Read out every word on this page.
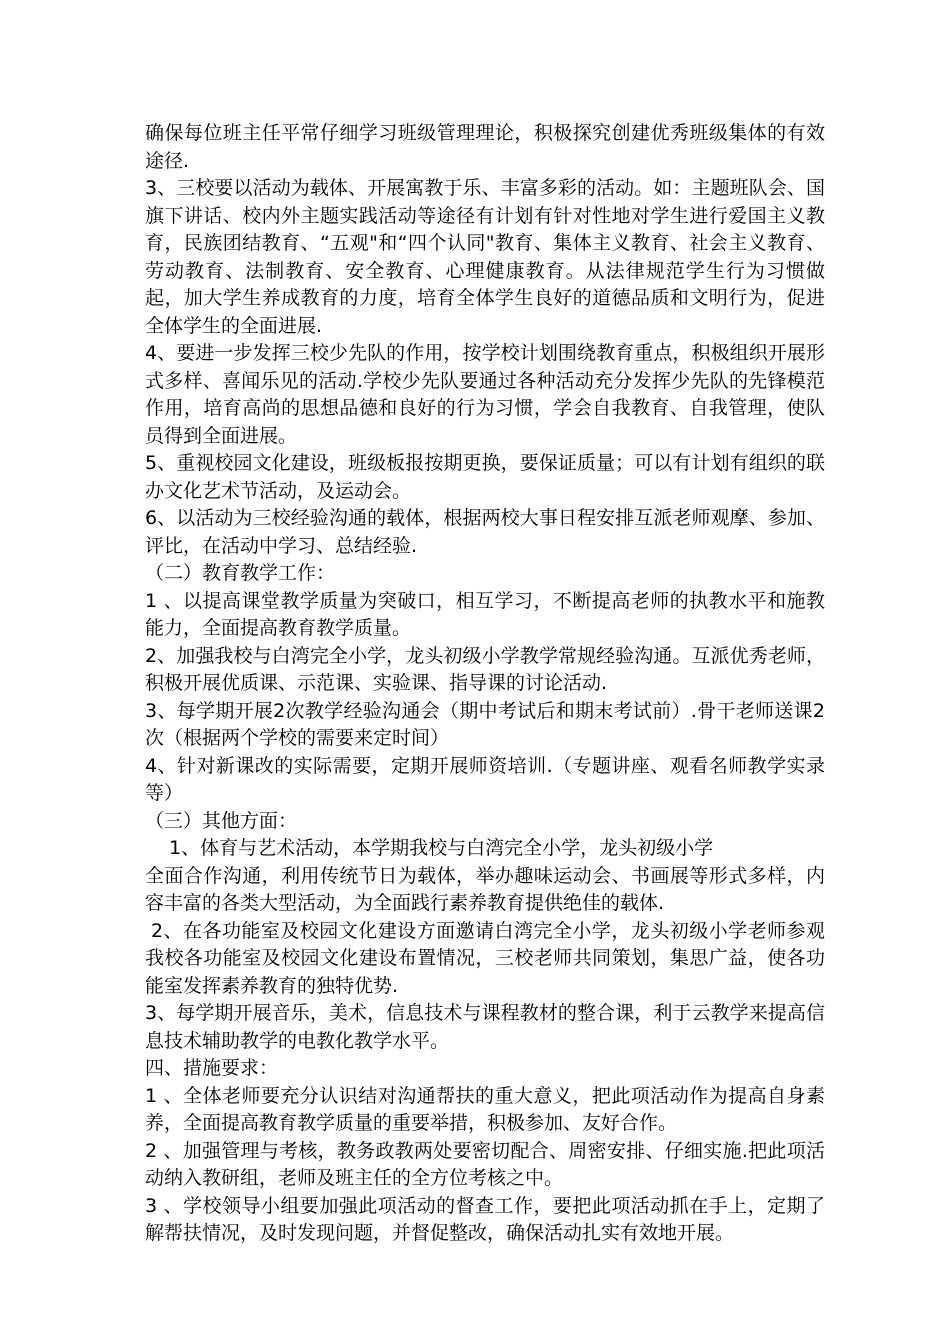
确保每位班主任平常仔细学习班级管理理论，积极探究创建优秀班级集体的有效途径.

3、三校要以活动为载体、开展寓教于乐、丰富多彩的活动。如：主题班队会、国旗下讲话、校内外主题实践活动等途径有计划有针对性地对学生进行爱国主义教育，民族团结教育、“五观"和“四个认同"教育、集体主义教育、社会主义教育、劳动教育、法制教育、安全教育、心理健康教育。从法律规范学生行为习惯做起，加大学生养成教育的力度，培育全体学生良好的道德品质和文明行为，促进全体学生的全面进展.

4、要进一步发挥三校少先队的作用，按学校计划围绕教育重点，积极组织开展形式多样、喜闻乐见的活动.学校少先队要通过各种活动充分发挥少先队的先锋模范作用，培育高尚的思想品德和良好的行为习惯，学会自我教育、自我管理，使队员得到全面进展。

5、重视校园文化建设，班级板报按期更换，要保证质量；可以有计划有组织的联办文化艺术节活动，及运动会。

6、以活动为三校经验沟通的载体，根据两校大事日程安排互派老师观摩、参加、评比，在活动中学习、总结经验.

（二）教育教学工作：

1 、以提高课堂教学质量为突破口，相互学习，不断提高老师的执教水平和施教能力，全面提高教育教学质量。

2、加强我校与白湾完全小学，龙头初级小学教学常规经验沟通。互派优秀老师，积极开展优质课、示范课、实验课、指导课的讨论活动.

3、每学期开展2次教学经验沟通会（期中考试后和期末考试前）.骨干老师送课2次（根据两个学校的需要来定时间）

4、针对新课改的实际需要，定期开展师资培训.（专题讲座、观看名师教学实录等）

（三）其他方面：

1、体育与艺术活动，本学期我校与白湾完全小学，龙头初级小学

全面合作沟通，利用传统节日为载体，举办趣味运动会、书画展等形式多样，内容丰富的各类大型活动，为全面践行素养教育提供绝佳的载体.

2、在各功能室及校园文化建设方面邀请白湾完全小学，龙头初级小学老师参观我校各功能室及校园文化建设布置情况，三校老师共同策划，集思广益，使各功能室发挥素养教育的独特优势.

3、每学期开展音乐，美术，信息技术与课程教材的整合课，利于云教学来提高信息技术辅助教学的电教化教学水平。

四、措施要求：

1 、全体老师要充分认识结对沟通帮扶的重大意义，把此项活动作为提高自身素养，全面提高教育教学质量的重要举措，积极参加、友好合作。

2 、加强管理与考核，教务政教两处要密切配合、周密安排、仔细实施.把此项活动纳入教研组，老师及班主任的全方位考核之中。

3 、学校领导小组要加强此项活动的督查工作，要把此项活动抓在手上，定期了解帮扶情况，及时发现问题，并督促整改，确保活动扎实有效地开展。
